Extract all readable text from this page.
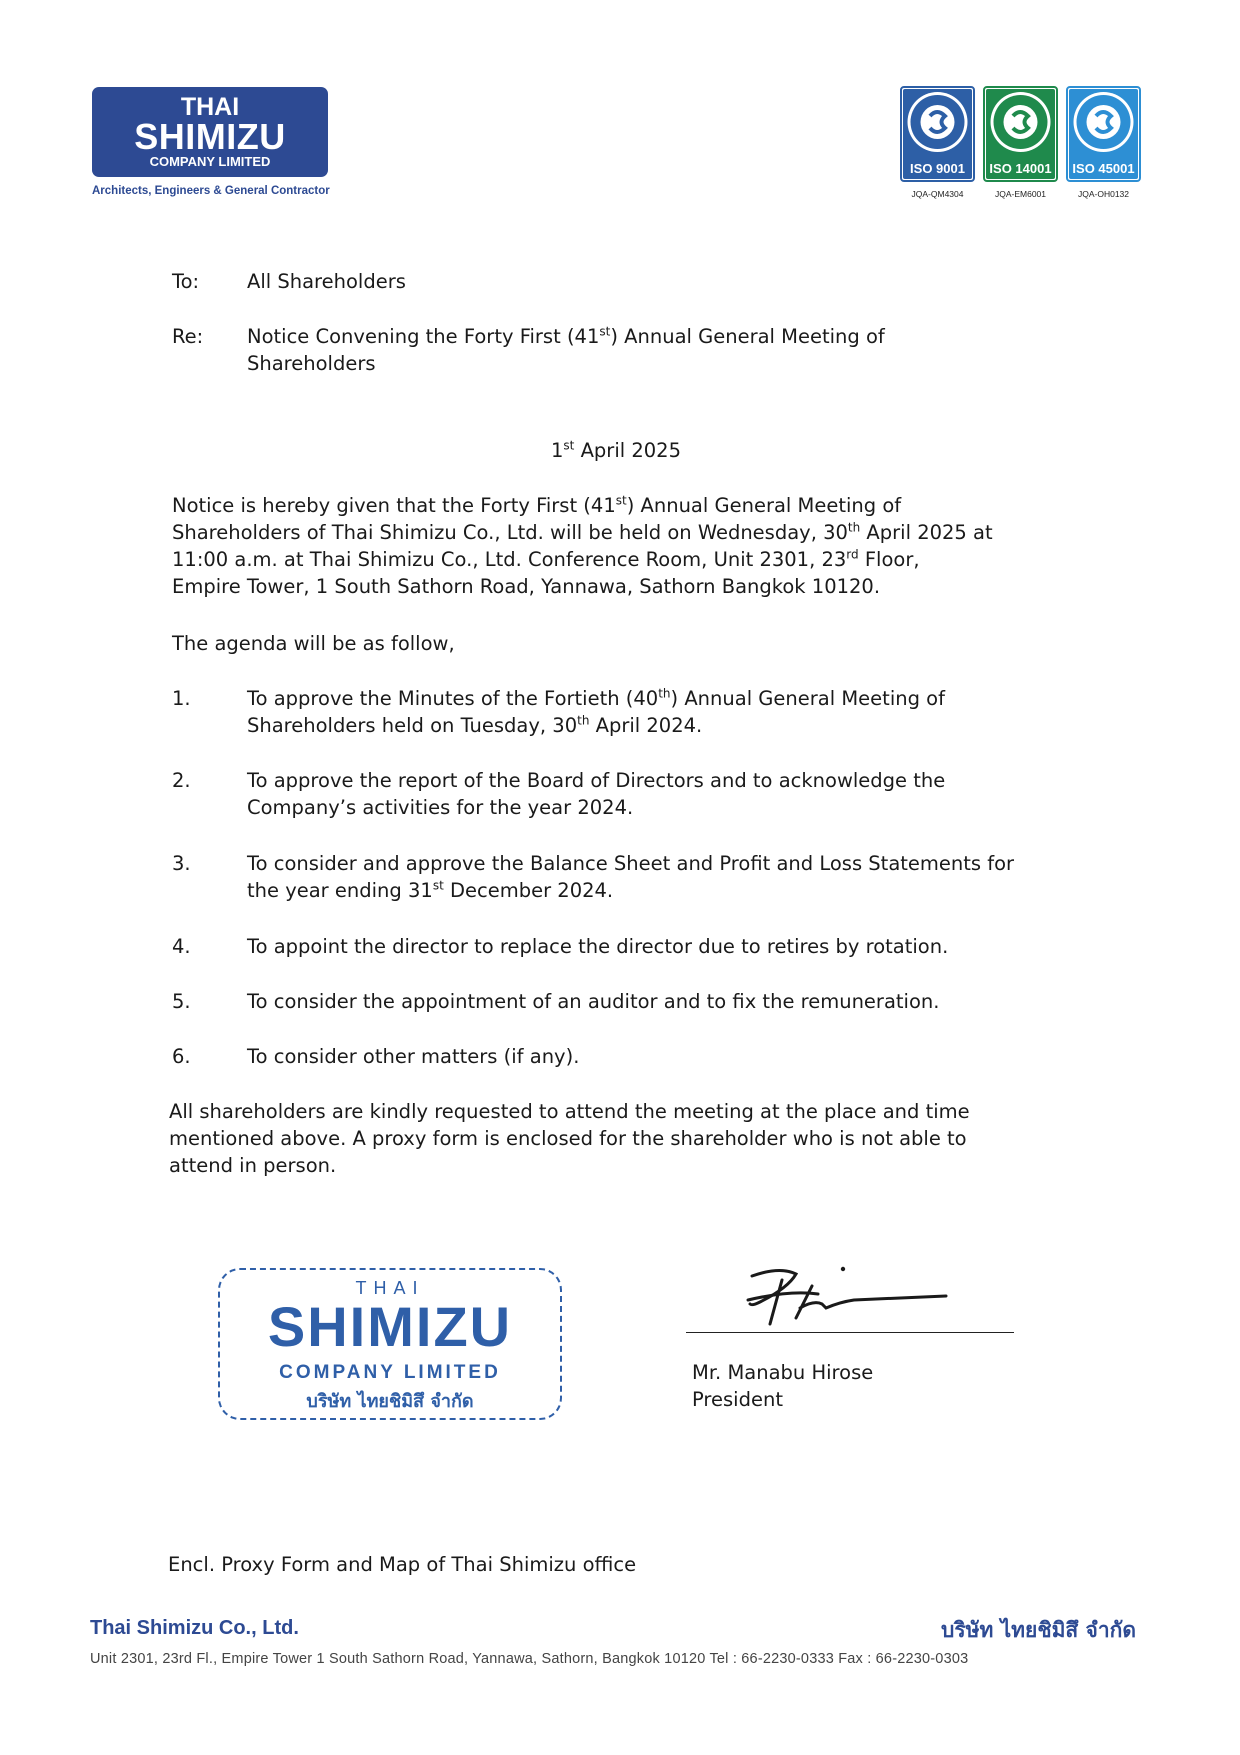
THAI
SHIMIZU
COMPANY LIMITED
Architects, Engineers & General Contractor
ISO 9001
JQA-QM4304
ISO 14001
JQA-EM6001
ISO 45001
JQA-OH0132
To: All Shareholders
Re: Notice Convening the Forty First (41st) Annual General Meeting of
Shareholders
1st April 2025
Notice is hereby given that the Forty First (41st) Annual General Meeting of
Shareholders of Thai Shimizu Co., Ltd. will be held on Wednesday, 30th April 2025 at
11:00 a.m. at Thai Shimizu Co., Ltd. Conference Room, Unit 2301, 23rd Floor,
Empire Tower, 1 South Sathorn Road, Yannawa, Sathorn Bangkok 10120.
The agenda will be as follow,
1.	To approve the Minutes of the Fortieth (40th) Annual General Meeting of
Shareholders held on Tuesday, 30th April 2024.
2.	To approve the report of the Board of Directors and to acknowledge the
Company’s activities for the year 2024.
3.	To consider and approve the Balance Sheet and Profit and Loss Statements for
the year ending 31st December 2024.
4.	To appoint the director to replace the director due to retires by rotation.
5.	To consider the appointment of an auditor and to fix the remuneration.
6.	To consider other matters (if any).
All shareholders are kindly requested to attend the meeting at the place and time
mentioned above. A proxy form is enclosed for the shareholder who is not able to
attend in person.
THAI
SHIMIZU
COMPANY LIMITED
บริษัท ไทยชิมิสึ จำกัด
Mr. Manabu Hirose
President
Encl. Proxy Form and Map of Thai Shimizu office
Thai Shimizu Co., Ltd.	บริษัท ไทยชิมิสึ จำกัด
Unit 2301, 23rd Fl., Empire Tower 1 South Sathorn Road, Yannawa, Sathorn, Bangkok 10120 Tel : 66-2230-0333 Fax : 66-2230-0303
